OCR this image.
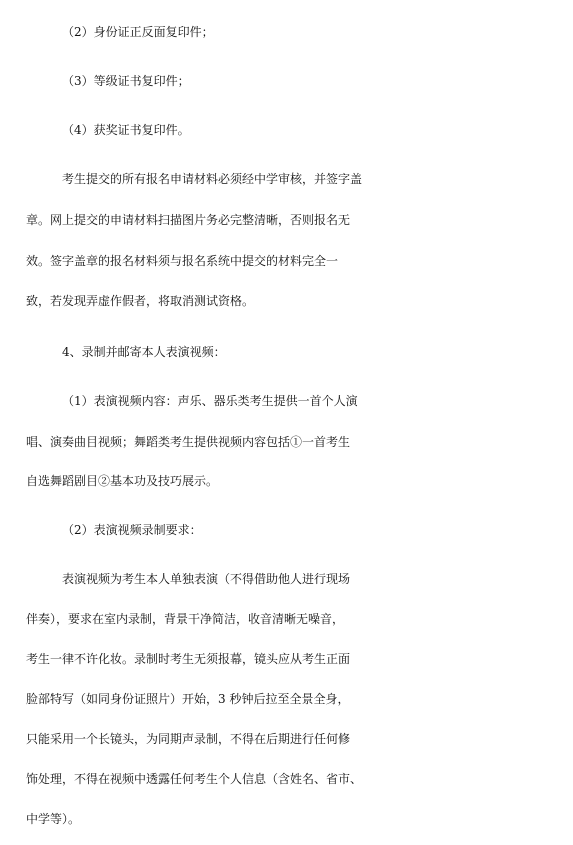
（2）身份证正反面复印件；
（3）等级证书复印件；
（4）获奖证书复印件。
考生提交的所有报名申请材料必须经中学审核，并签字盖
章。网上提交的申请材料扫描图片务必完整清晰，否则报名无
效。签字盖章的报名材料须与报名系统中提交的材料完全一
致，若发现弄虚作假者，将取消测试资格。
4、录制并邮寄本人表演视频：
（1）表演视频内容：声乐、器乐类考生提供一首个人演
唱、演奏曲目视频；舞蹈类考生提供视频内容包括①一首考生
自选舞蹈剧目②基本功及技巧展示。
（2）表演视频录制要求：
表演视频为考生本人单独表演（不得借助他人进行现场
伴奏），要求在室内录制，背景干净简洁，收音清晰无噪音，
考生一律不许化妆。录制时考生无须报幕，镜头应从考生正面
脸部特写（如同身份证照片）开始，3 秒钟后拉至全景全身，
只能采用一个长镜头，为同期声录制，不得在后期进行任何修
饰处理，不得在视频中透露任何考生个人信息（含姓名、省市、
中学等）。
